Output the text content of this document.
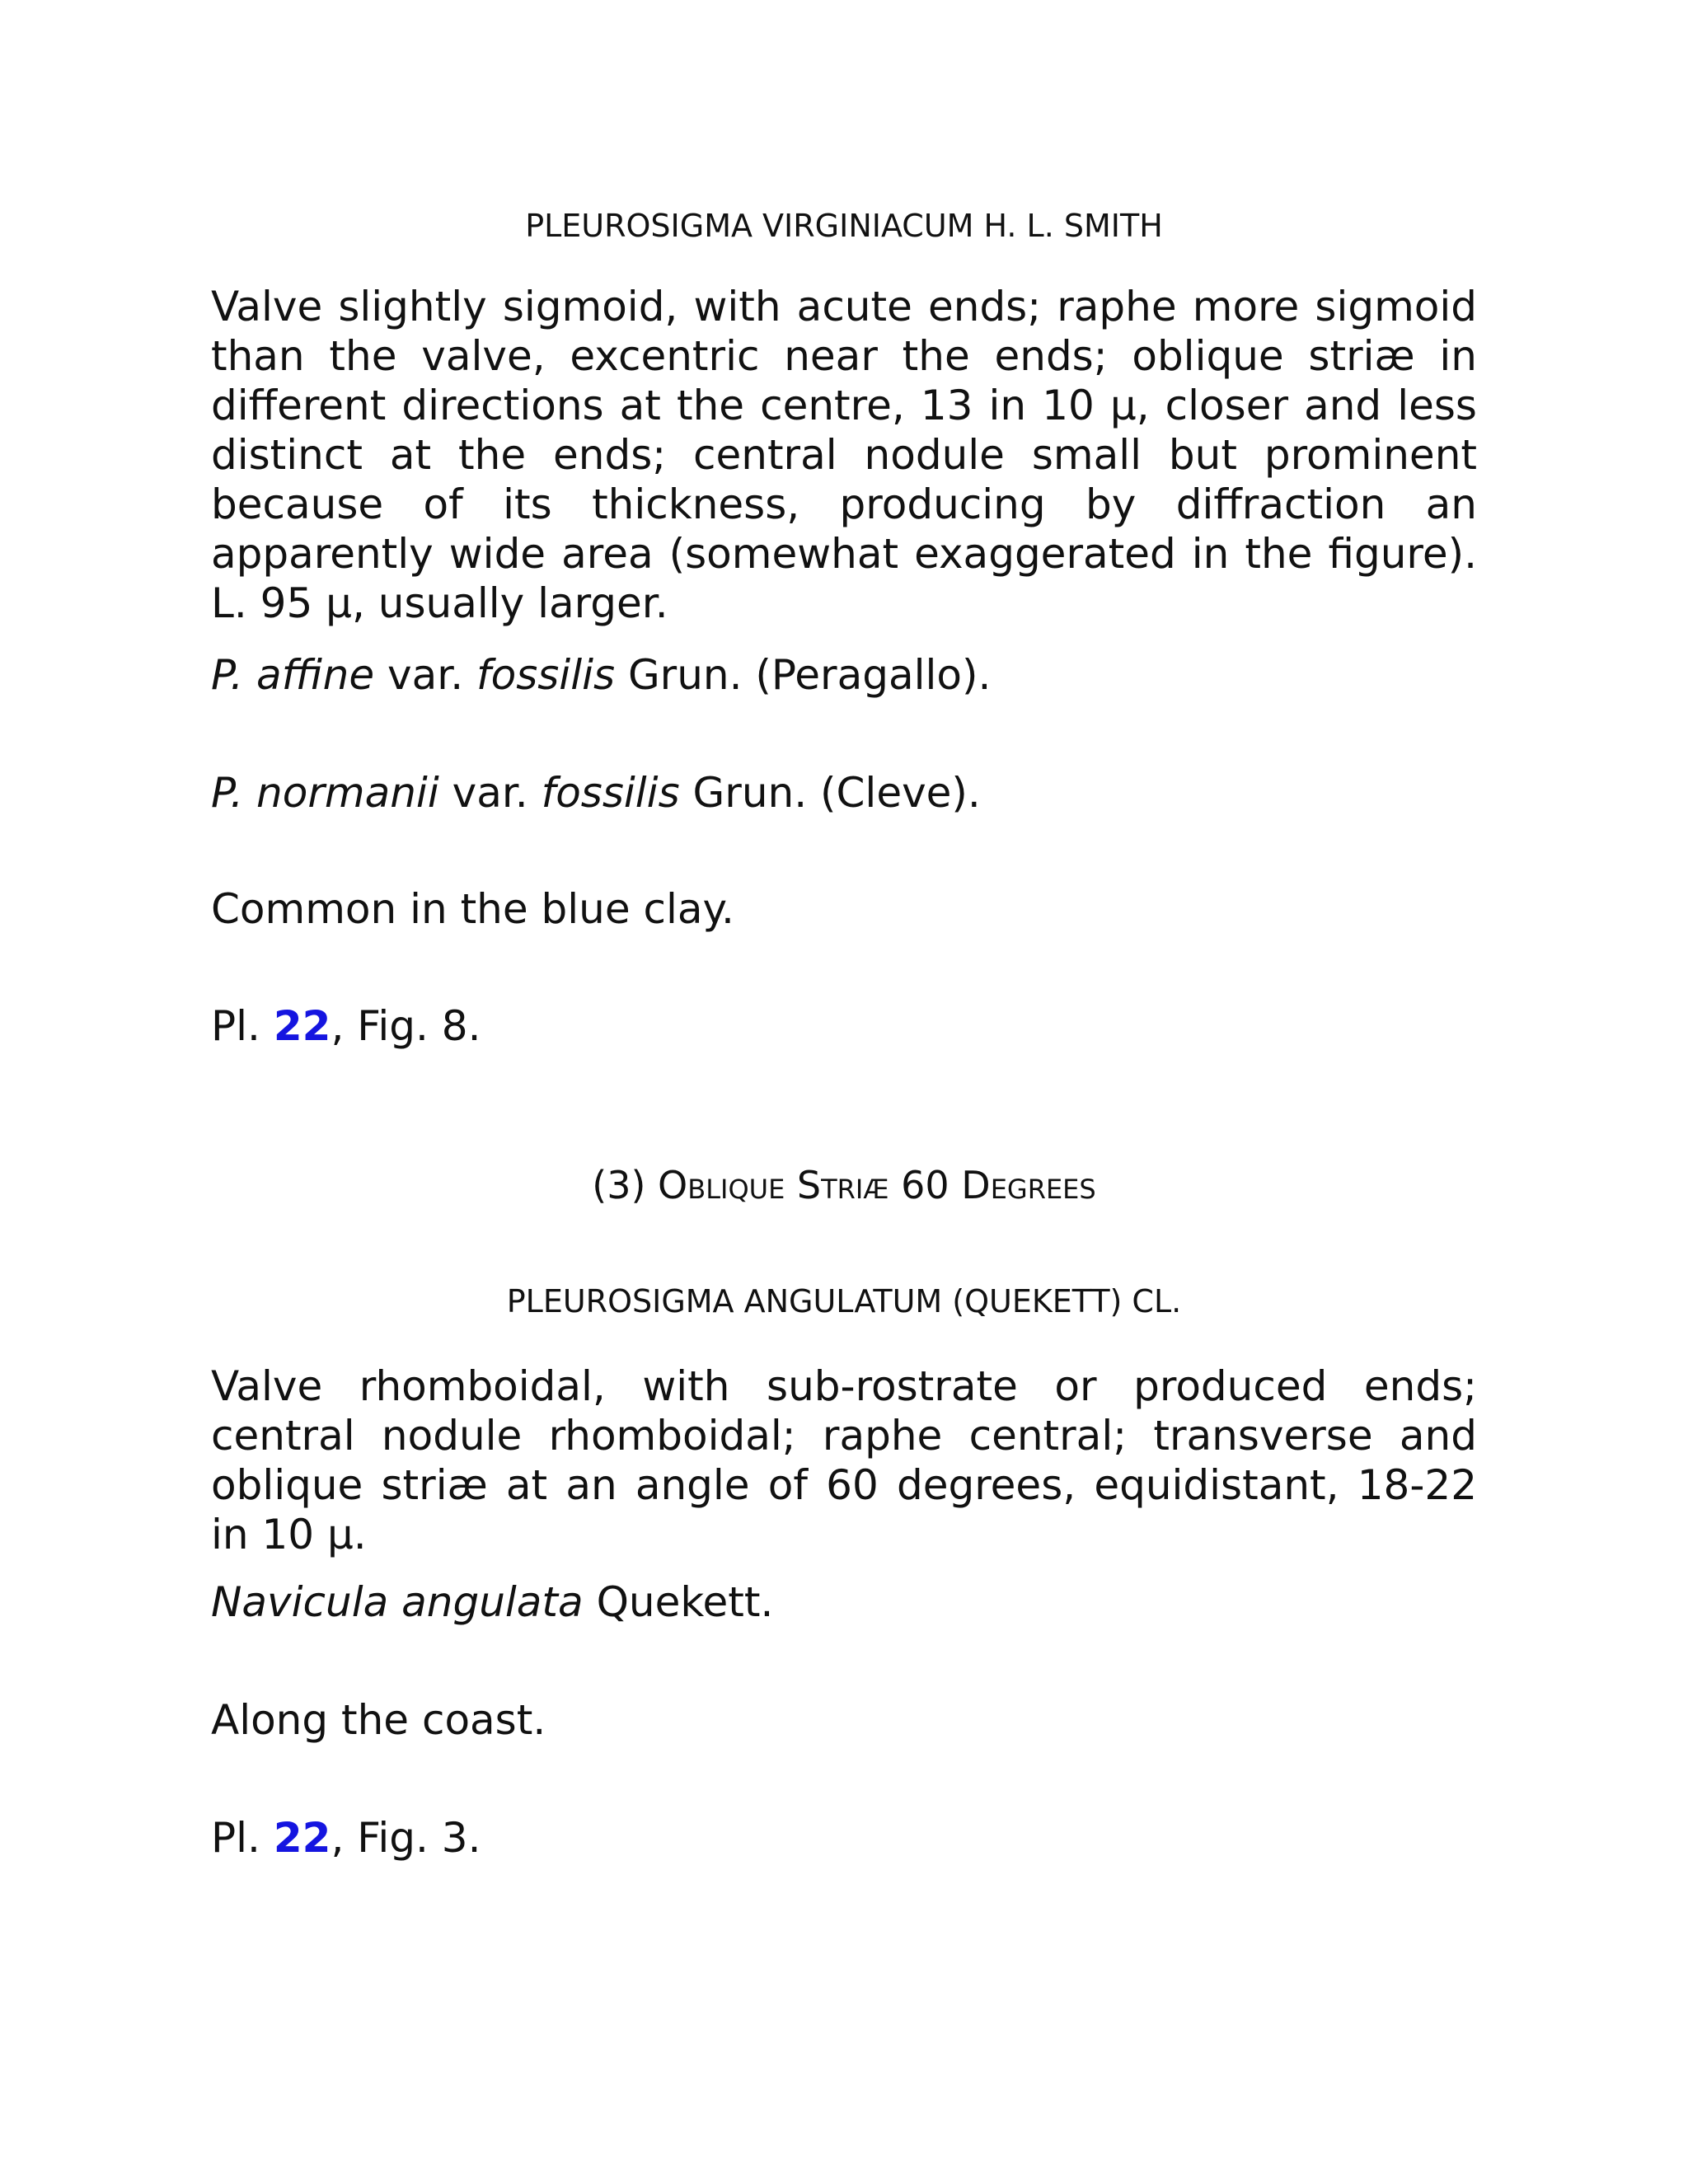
PLEUROSIGMA VIRGINIACUM H. L. SMITH

Valve slightly sigmoid, with acute ends; raphe more sigmoid than the valve, excentric near the ends; oblique striæ in different directions at the centre, 13 in 10 μ, closer and less distinct at the ends; central nodule small but prominent because of its thickness, producing by diffraction an apparently wide area (somewhat exaggerated in the figure). L. 95 μ, usually larger.

P. affine var. fossilis Grun. (Peragallo).

P. normanii var. fossilis Grun. (Cleve).

Common in the blue clay.

Pl. 22, Fig. 8.

(3) Oblique Striæ 60 Degrees
PLEUROSIGMA ANGULATUM (QUEKETT) CL.

Valve rhomboidal, with sub-rostrate or produced ends; central nodule rhomboidal; raphe central; transverse and oblique striæ at an angle of 60 degrees, equidistant, 18-22 in 10 μ.

Navicula angulata Quekett.

Along the coast.

Pl. 22, Fig. 3.
